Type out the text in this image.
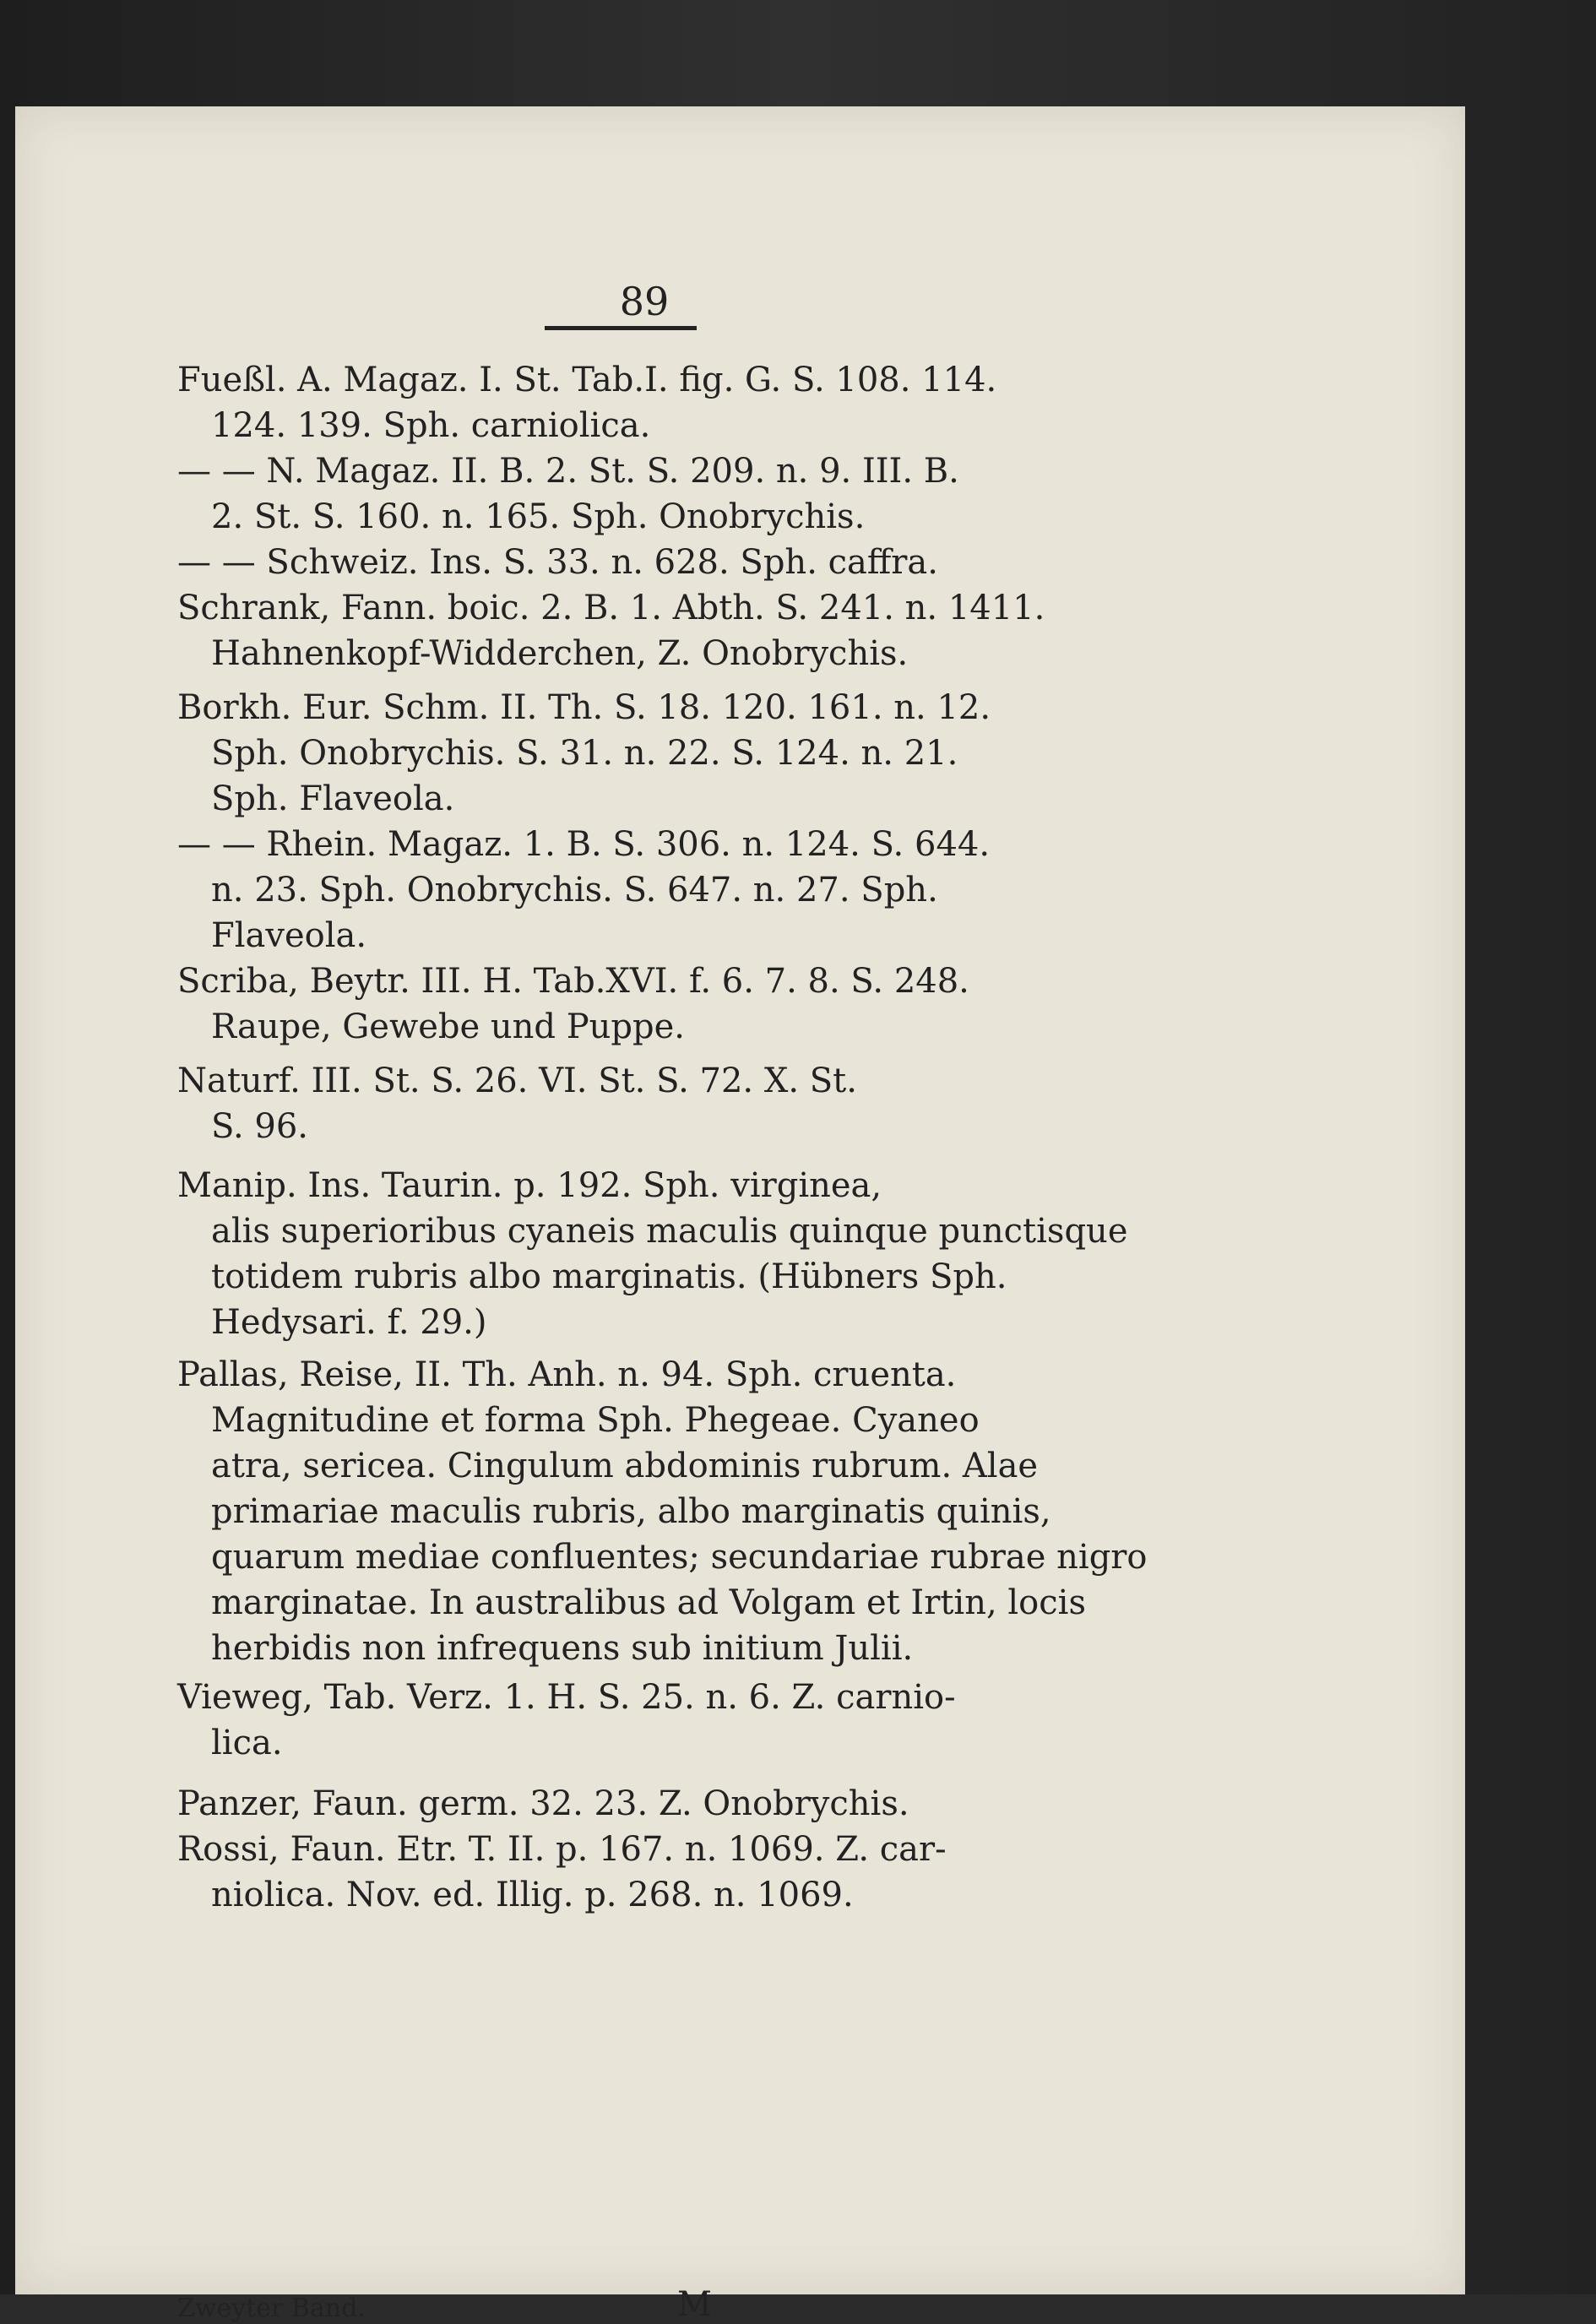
89
Fueßl. A. Magaz. I. St. Tab.I. fig. G. S. 108. 114.
124. 139. Sph. carniolica.
— — N. Magaz. II. B. 2. St. S. 209. n. 9. III. B.
2. St. S. 160. n. 165. Sph. Onobrychis.
— — Schweiz. Ins. S. 33. n. 628. Sph. caffra.
Schrank, Fann. boic. 2. B. 1. Abth. S. 241. n. 1411.
Hahnenkopf-Widderchen, Z. Onobrychis.
Borkh. Eur. Schm. II. Th. S. 18. 120. 161. n. 12.
Sph. Onobrychis. S. 31. n. 22. S. 124. n. 21.
Sph. Flaveola.
— — Rhein. Magaz. 1. B. S. 306. n. 124. S. 644.
n. 23. Sph. Onobrychis. S. 647. n. 27. Sph.
Flaveola.
Scriba, Beytr. III. H. Tab.XVI. f. 6. 7. 8. S. 248.
Raupe, Gewebe und Puppe.
Naturf. III. St. S. 26. VI. St. S. 72. X. St.
S. 96.
Manip. Ins. Taurin. p. 192. Sph. virginea,
alis superioribus cyaneis maculis quinque punctisque
totidem rubris albo marginatis. (Hübners Sph.
Hedysari. f. 29.)
Pallas, Reise, II. Th. Anh. n. 94. Sph. cruenta.
Magnitudine et forma Sph. Phegeae. Cyaneo
atra, sericea. Cingulum abdominis rubrum. Alae
primariae maculis rubris, albo marginatis quinis,
quarum mediae confluentes; secundariae rubrae nigro
marginatae. In australibus ad Volgam et Irtin, locis
herbidis non infrequens sub initium Julii.
Vieweg, Tab. Verz. 1. H. S. 25. n. 6. Z. carnio-
lica.
Panzer, Faun. germ. 32. 23. Z. Onobrychis.
Rossi, Faun. Etr. T. II. p. 167. n. 1069. Z. car-
niolica. Nov. ed. Illig. p. 268. n. 1069.
Zweyter Band.	M
